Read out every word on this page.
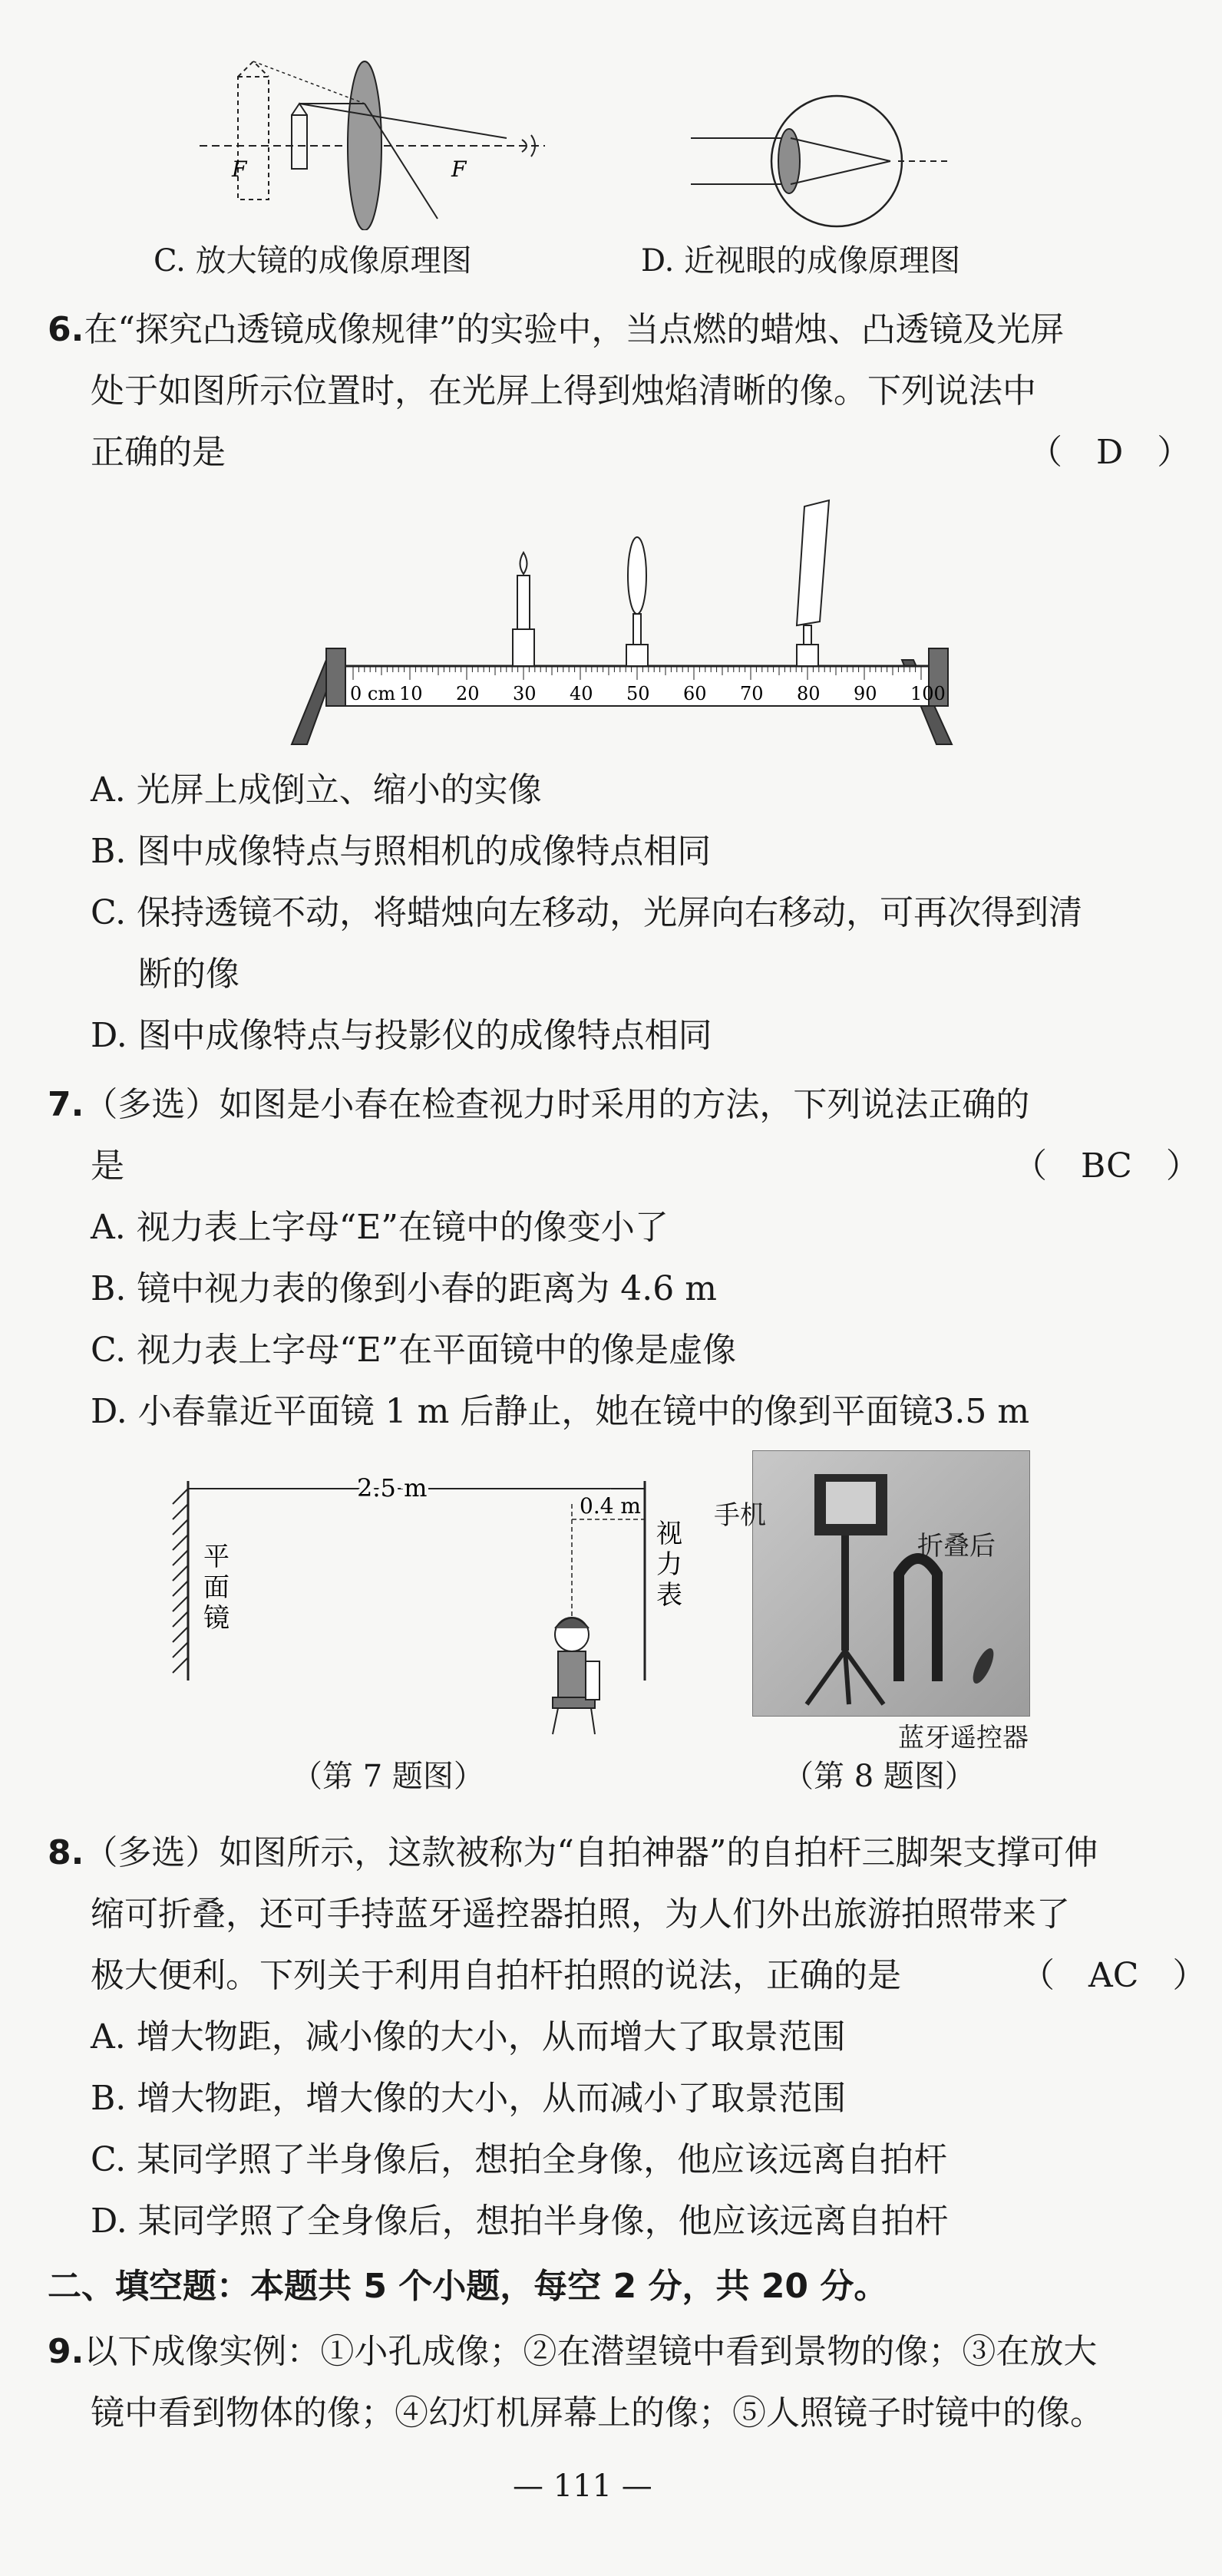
F	F
C. 放大镜的成像原理图	D. 近视眼的成像原理图
6.在“探究凸透镜成像规律”的实验中，当点燃的蜡烛、凸透镜及光屏
处于如图所示位置时，在光屏上得到烛焰清晰的像。下列说法中
正确的是	（　D　）
0 cm 10 20 30 40 50 60 70 80 90 100
A. 光屏上成倒立、缩小的实像
B. 图中成像特点与照相机的成像特点相同
C. 保持透镜不动，将蜡烛向左移动，光屏向右移动，可再次得到清
断的像
D. 图中成像特点与投影仪的成像特点相同
7.（多选）如图是小春在检查视力时采用的方法，下列说法正确的
是	（　BC　）
A. 视力表上字母“E”在镜中的像变小了
B. 镜中视力表的像到小春的距离为 4.6 m
C. 视力表上字母“E”在平面镜中的像是虚像
D. 小春靠近平面镜 1 m 后静止，她在镜中的像到平面镜3.5 m
2.5 m
0.4 m
平
面
镜
视
力
表
（第 7 题图）
手机
折叠后
蓝牙遥控器
（第 8 题图）
8.（多选）如图所示，这款被称为“自拍神器”的自拍杆三脚架支撑可伸
缩可折叠，还可手持蓝牙遥控器拍照，为人们外出旅游拍照带来了
极大便利。下列关于利用自拍杆拍照的说法，正确的是	（　AC　）
A. 增大物距，减小像的大小，从而增大了取景范围
B. 增大物距，增大像的大小，从而减小了取景范围
C. 某同学照了半身像后，想拍全身像，他应该远离自拍杆
D. 某同学照了全身像后，想拍半身像，他应该远离自拍杆
二、填空题：本题共 5 个小题，每空 2 分，共 20 分。
9.以下成像实例：①小孔成像；②在潜望镜中看到景物的像；③在放大
镜中看到物体的像；④幻灯机屏幕上的像；⑤人照镜子时镜中的像。
— 111 —
